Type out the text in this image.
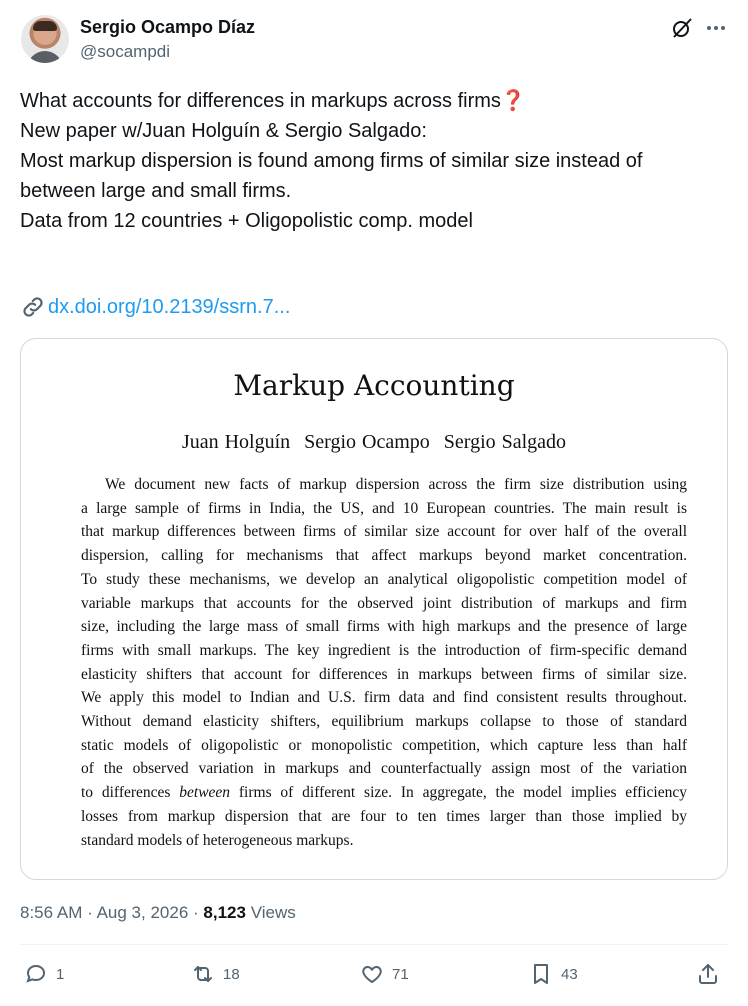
Sergio Ocampo Díaz
@socampdi
What accounts for differences in markups across firms❓
New paper w/Juan Holguín & Sergio Salgado:
Most markup dispersion is found among firms of similar size instead of
between large and small firms.
Data from 12 countries + Oligopolistic comp. model
dx.doi.org/10.2139/ssrn.7...
Markup Accounting
Juan Holguín Sergio Ocampo Sergio Salgado
We document new facts of markup dispersion across the firm size distribution using
a large sample of firms in India, the US, and 10 European countries. The main result is
that markup differences between firms of similar size account for over half of the overall
dispersion, calling for mechanisms that affect markups beyond market concentration.
To study these mechanisms, we develop an analytical oligopolistic competition model of
variable markups that accounts for the observed joint distribution of markups and firm
size, including the large mass of small firms with high markups and the presence of large
firms with small markups. The key ingredient is the introduction of firm-specific demand
elasticity shifters that account for differences in markups between firms of similar size.
We apply this model to Indian and U.S. firm data and find consistent results throughout.
Without demand elasticity shifters, equilibrium markups collapse to those of standard
static models of oligopolistic or monopolistic competition, which capture less than half
of the observed variation in markups and counterfactually assign most of the variation
to differences between firms of different size. In aggregate, the model implies efficiency
losses from markup dispersion that are four to ten times larger than those implied by
standard models of heterogeneous markups.
8:56 AM · Aug 3, 2026 · 8,123 Views
1	18	71	43
